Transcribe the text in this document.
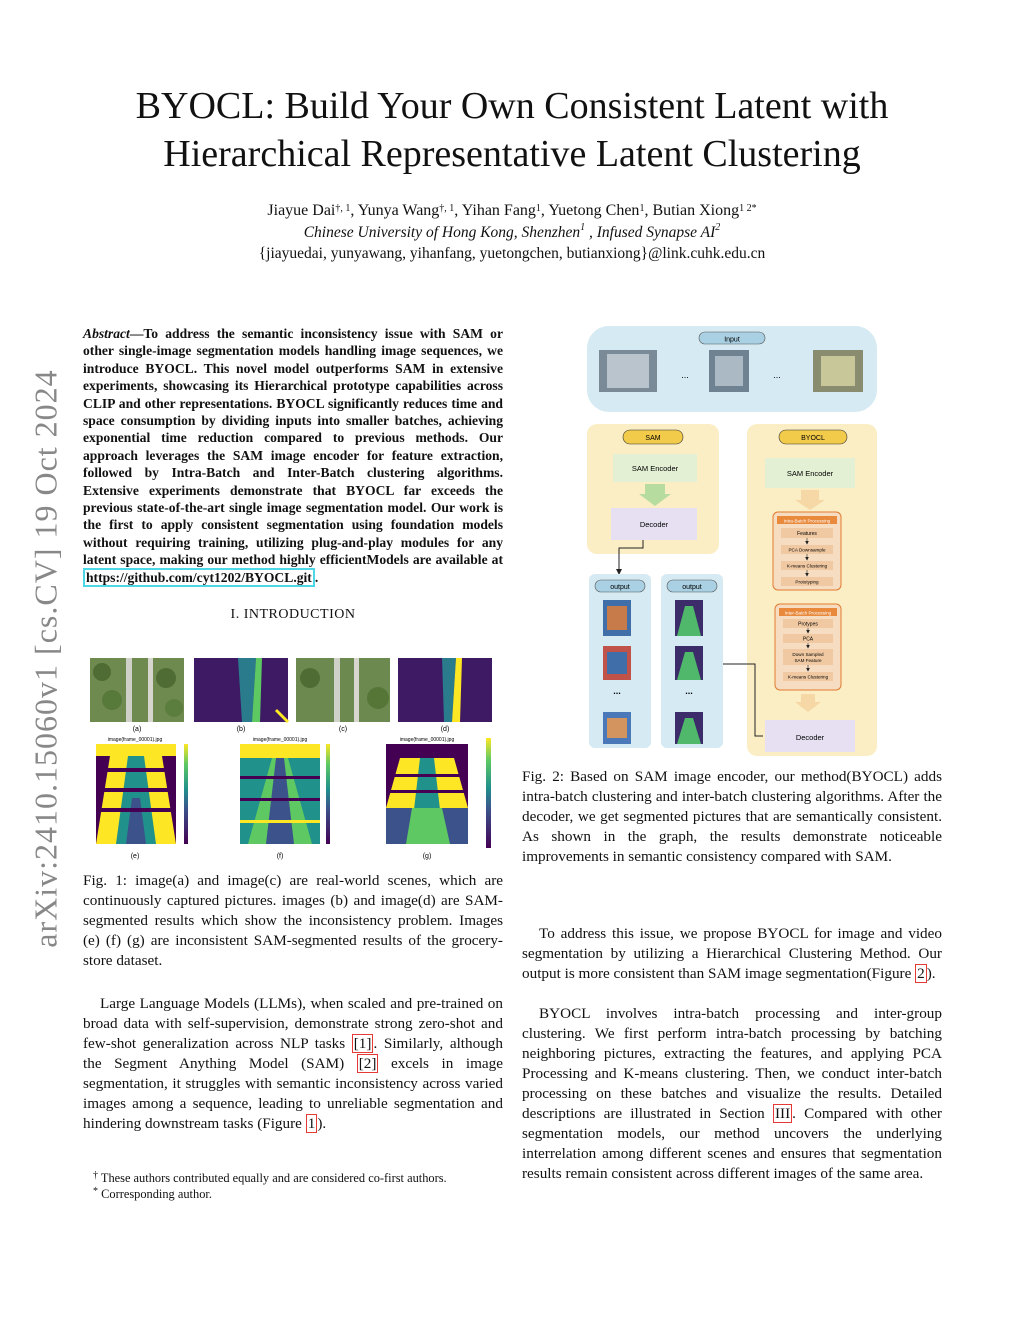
arXiv:2410.15060v1 [cs.CV] 19 Oct 2024
BYOCL: Build Your Own Consistent Latent with
Hierarchical Representative Latent Clustering
Jiayue Dai$^{\dagger, 1}$, Yunya Wang$^{\dagger, 1}$, Yihan Fang$^1$, Yuetong Chen$^1$, Butian Xiong$^{1 2*}$
Chinese University of Hong Kong, Shenzhen$^1$ , Infused Synapse $AI^2$
{jiayuedai, yunyawang, yihanfang, yuetongchen, butianxiong}@link.cuhk.edu.cn
Abstract—To address the semantic inconsistency issue with SAM or other single-image segmentation models handling image sequences, we introduce BYOCL. This novel model outperforms SAM in extensive experiments, showcasing its Hierarchical prototype capabilities across CLIP and other representations. BYOCL significantly reduces time and space consumption by dividing inputs into smaller batches, achieving exponential time reduction compared to previous methods. Our approach leverages the SAM image encoder for feature extraction, followed by Intra-Batch and Inter-Batch clustering algorithms. Extensive experiments demonstrate that BYOCL far exceeds the previous state-of-the-art single image segmentation model. Our work is the first to apply consistent segmentation using foundation models without requiring training, utilizing plug-and-play modules for any latent space, making our method highly efficientModels are available at https://github.com/cyt1202/BYOCL.git .
I. INTRODUCTION
(a)	(b)	(c)	(d)
image(frame_00001).jpg
(e)
image(frame_00001).jpg
(f)
image(frame_00001).jpg
(g)
Fig. 1: image(a) and image(c) are real-world scenes, which are continuously captured pictures. images (b) and image(d) are SAM-segmented results which show the inconsistency problem. Images (e) (f) (g) are inconsistent SAM-segmented results of the grocery-store dataset.
Large Language Models (LLMs), when scaled and pre-trained on broad data with self-supervision, demonstrate strong zero-shot and few-shot generalization across NLP tasks [1] . Similarly, although the Segment Anything Model (SAM) [2] excels in image segmentation, it struggles with semantic inconsistency across varied images among a sequence, leading to unreliable segmentation and hindering downstream tasks (Figure 1 ).
† These authors contributed equally and are considered co-first authors.
* Corresponding author.
Input
...	...
SAM
SAM Encoder
Decoder
BYOCL
SAM Encoder
Intra-Batch Processing
Features
PCA Downsample
K-means Clustering
Prototyping
Inter-Batch Processing
Protypes
PCA
Down Sampled
SAM Feature
K-means Clustering
Decoder
output
...
output
...
Fig. 2: Based on SAM image encoder, our method(BYOCL) adds intra-batch clustering and inter-batch clustering algorithms. After the decoder, we get segmented pictures that are semantically consistent. As shown in the graph, the results demonstrate noticeable improvements in semantic consistency compared with SAM.
To address this issue, we propose BYOCL for image and video segmentation by utilizing a Hierarchical Clustering Method. Our output is more consistent than SAM image segmentation(Figure 2 ).
BYOCL involves intra-batch processing and inter-group clustering. We first perform intra-batch processing by batching neighboring pictures, extracting the features, and applying PCA Processing and K-means clustering. Then, we conduct inter-batch processing on these batches and visualize the results. Detailed descriptions are illustrated in Section III . Compared with other segmentation models, our method uncovers the underlying interrelation among different scenes and ensures that segmentation results remain consistent across different images of the same area.
